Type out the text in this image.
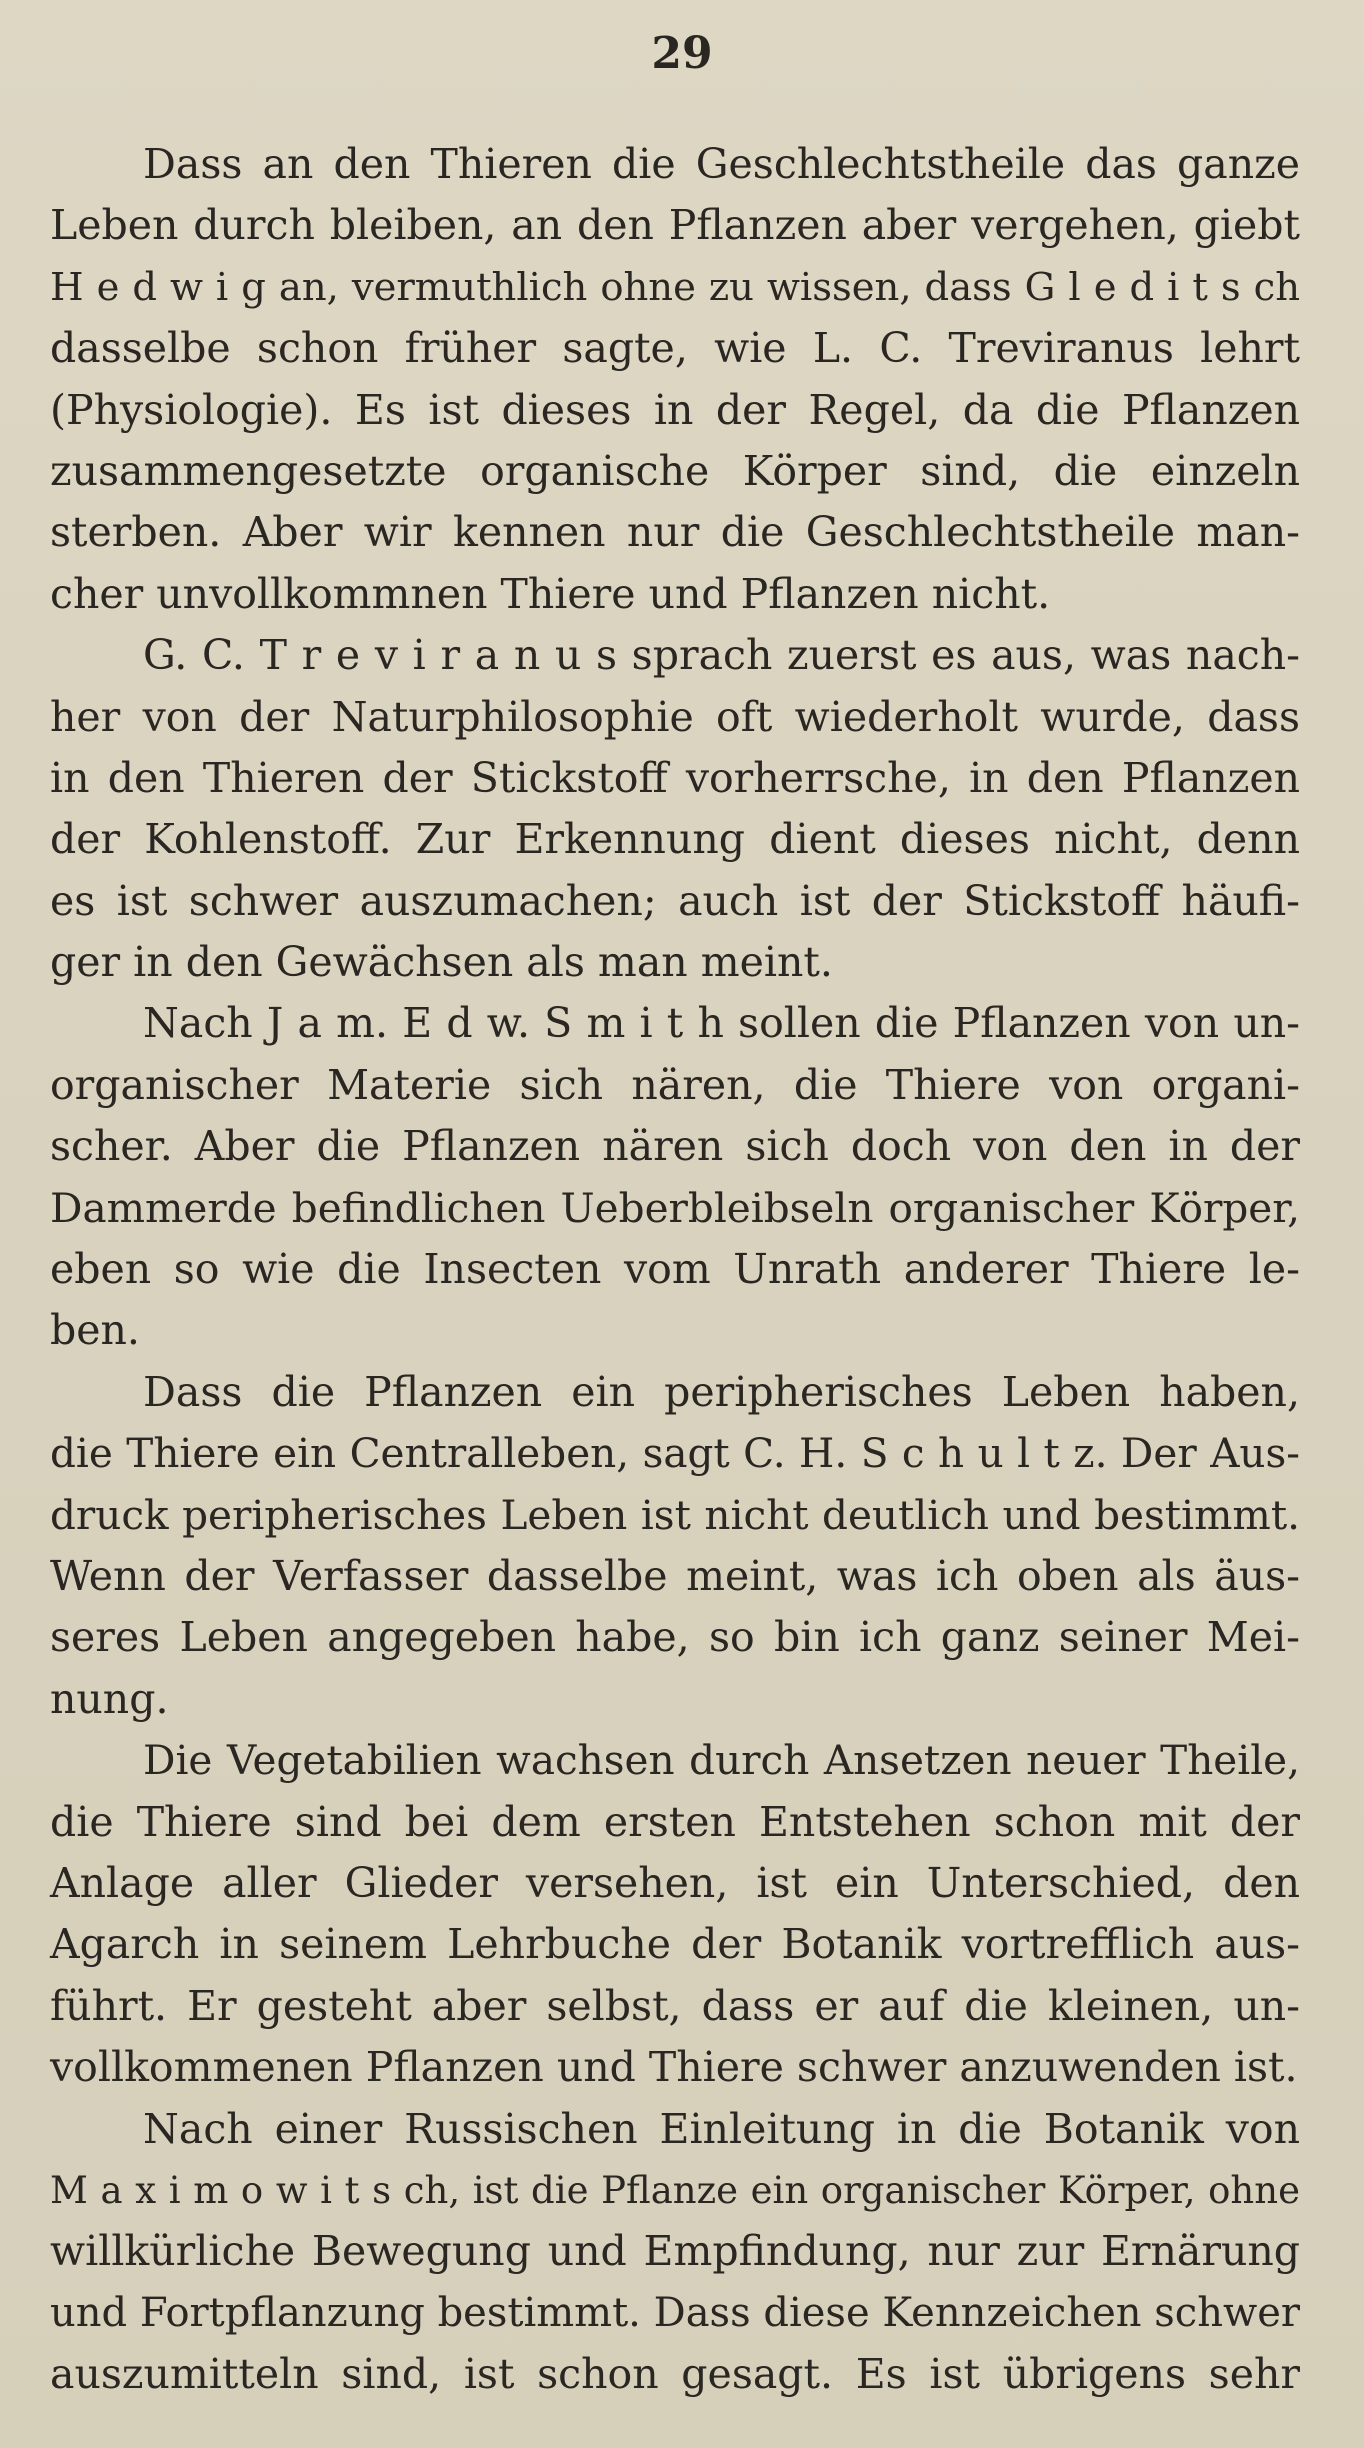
29
Dass an den Thieren die Geschlechtstheile das ganze
Leben durch bleiben, an den Pflanzen aber vergehen, giebt
H e d w i g an, vermuthlich ohne zu wissen, dass G l e d i t s ch
dasselbe schon früher sagte, wie L. C. Treviranus lehrt
(Physiologie). Es ist dieses in der Regel, da die Pflanzen
zusammengesetzte organische Körper sind, die einzeln
sterben. Aber wir kennen nur die Geschlechtstheile man-
cher unvollkommnen Thiere und Pflanzen nicht.
G. C. T r e v i r a n u s sprach zuerst es aus, was nach-
her von der Naturphilosophie oft wiederholt wurde, dass
in den Thieren der Stickstoff vorherrsche, in den Pflanzen
der Kohlenstoff. Zur Erkennung dient dieses nicht, denn
es ist schwer auszumachen; auch ist der Stickstoff häufi-
ger in den Gewächsen als man meint.
Nach J a m. E d w. S m i t h sollen die Pflanzen von un-
organischer Materie sich nären, die Thiere von organi-
scher. Aber die Pflanzen nären sich doch von den in der
Dammerde befindlichen Ueberbleibseln organischer Körper,
eben so wie die Insecten vom Unrath anderer Thiere le-
ben.
Dass die Pflanzen ein peripherisches Leben haben,
die Thiere ein Centralleben, sagt C. H. S c h u l t z. Der Aus-
druck peripherisches Leben ist nicht deutlich und bestimmt.
Wenn der Verfasser dasselbe meint, was ich oben als äus-
seres Leben angegeben habe, so bin ich ganz seiner Mei-
nung.
Die Vegetabilien wachsen durch Ansetzen neuer Theile,
die Thiere sind bei dem ersten Entstehen schon mit der
Anlage aller Glieder versehen, ist ein Unterschied, den
Agarch in seinem Lehrbuche der Botanik vortrefflich aus-
führt. Er gesteht aber selbst, dass er auf die kleinen, un-
vollkommenen Pflanzen und Thiere schwer anzuwenden ist.
Nach einer Russischen Einleitung in die Botanik von
M a x i m o w i t s ch, ist die Pflanze ein organischer Körper, ohne
willkürliche Bewegung und Empfindung, nur zur Ernärung
und Fortpflanzung bestimmt. Dass diese Kennzeichen schwer
auszumitteln sind, ist schon gesagt. Es ist übrigens sehr
